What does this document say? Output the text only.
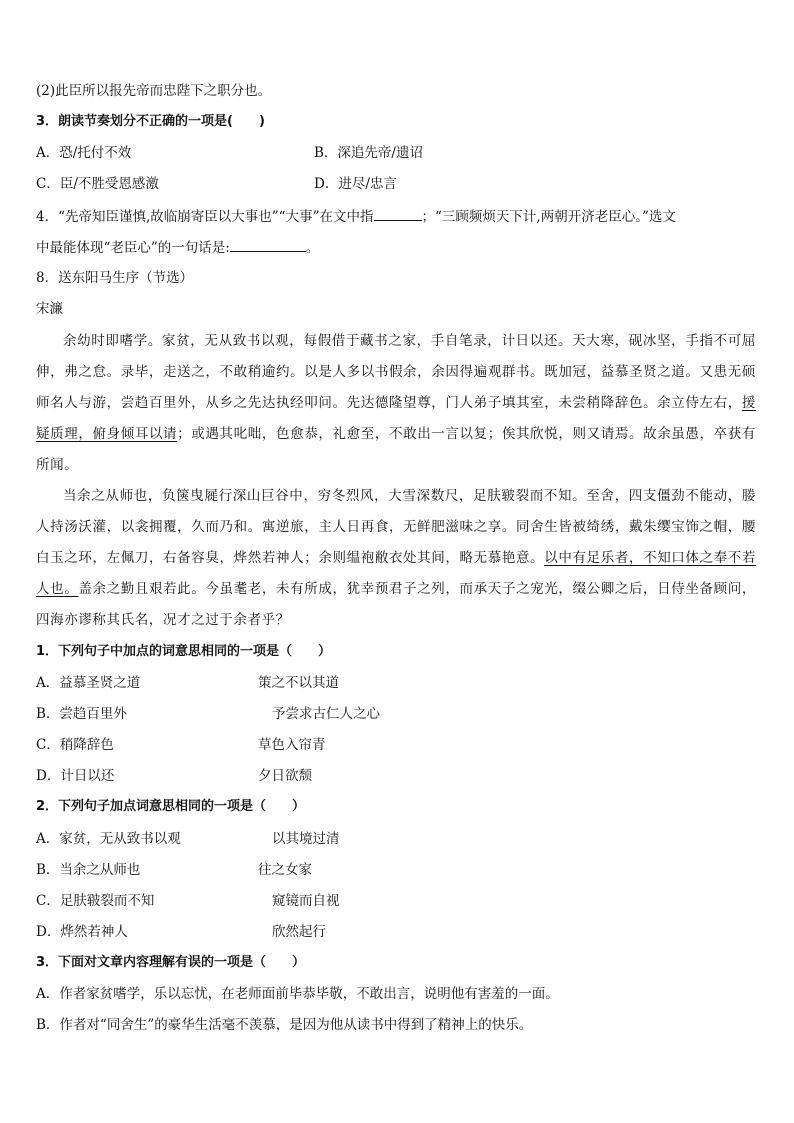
(2)此臣所以报先帝而忠陛下之职分也。
3．朗读节奏划分不正确的一项是(　　)
A．恐/托付不效	B．深追先帝/遗诏
C．臣/不胜受恩感激	D．进尽/忠言
4．“先帝知臣谨慎,故临崩寄臣以大事也”“大事”在文中指	；“三顾频烦天下计,两朝开济老臣心。”选文
中最能体现“老臣心”的一句话是:	。
8．送东阳马生序（节选）
宋濂

余幼时即嗜学。家贫，无从致书以观，每假借于藏书之家，手自笔录，计日以还。天大寒，砚冰坚，手指不可屈伸，弗之怠。录毕，走送之，不敢稍逾约。以是人多以书假余，余因得遍观群书。既加冠，益慕圣贤之道。又患无硕师名人与游，尝趋百里外，从乡之先达执经叩问。先达德隆望尊，门人弟子填其室，未尝稍降辞色。余立侍左右，援疑质理，俯身倾耳以请；或遇其叱咄，色愈恭，礼愈至，不敢出一言以复；俟其欣悦，则又请焉。故余虽愚，卒获有所闻。

当余之从师也，负箧曳屣行深山巨谷中，穷冬烈风，大雪深数尺，足肤皲裂而不知。至舍，四支僵劲不能动，媵人持汤沃灌，以衾拥覆，久而乃和。寓逆旅，主人日再食，无鲜肥滋味之享。同舍生皆被绮绣，戴朱缨宝饰之帽，腰白玉之环，左佩刀，右备容臭，烨然若神人；余则缊袍敝衣处其间，略无慕艳意。以中有足乐者，不知口体之奉不若人也。盖余之勤且艰若此。今虽耄老，未有所成，犹幸预君子之列，而承天子之宠光，缀公卿之后，日侍坐备顾问，四海亦谬称其氏名，况才之过于余者乎？

1．下列句子中加点的词意思相同的一项是（　　）
A．益慕圣贤之道	策之不以其道
B．尝趋百里外	予尝求古仁人之心
C．稍降辞色	草色入帘青
D．计日以还	夕日欲颓
2．下列句子加点词意思相同的一项是（　　）
A．家贫，无从致书以观	以其境过清
B．当余之从师也	往之女家
C．足肤皲裂而不知	窥镜而自视
D．烨然若神人	欣然起行
3．下面对文章内容理解有误的一项是（　　）
A．作者家贫嗜学，乐以忘忧，在老师面前毕恭毕敬，不敢出言，说明他有害羞的一面。
B．作者对“同舍生”的豪华生活毫不羡慕，是因为他从读书中得到了精神上的快乐。
